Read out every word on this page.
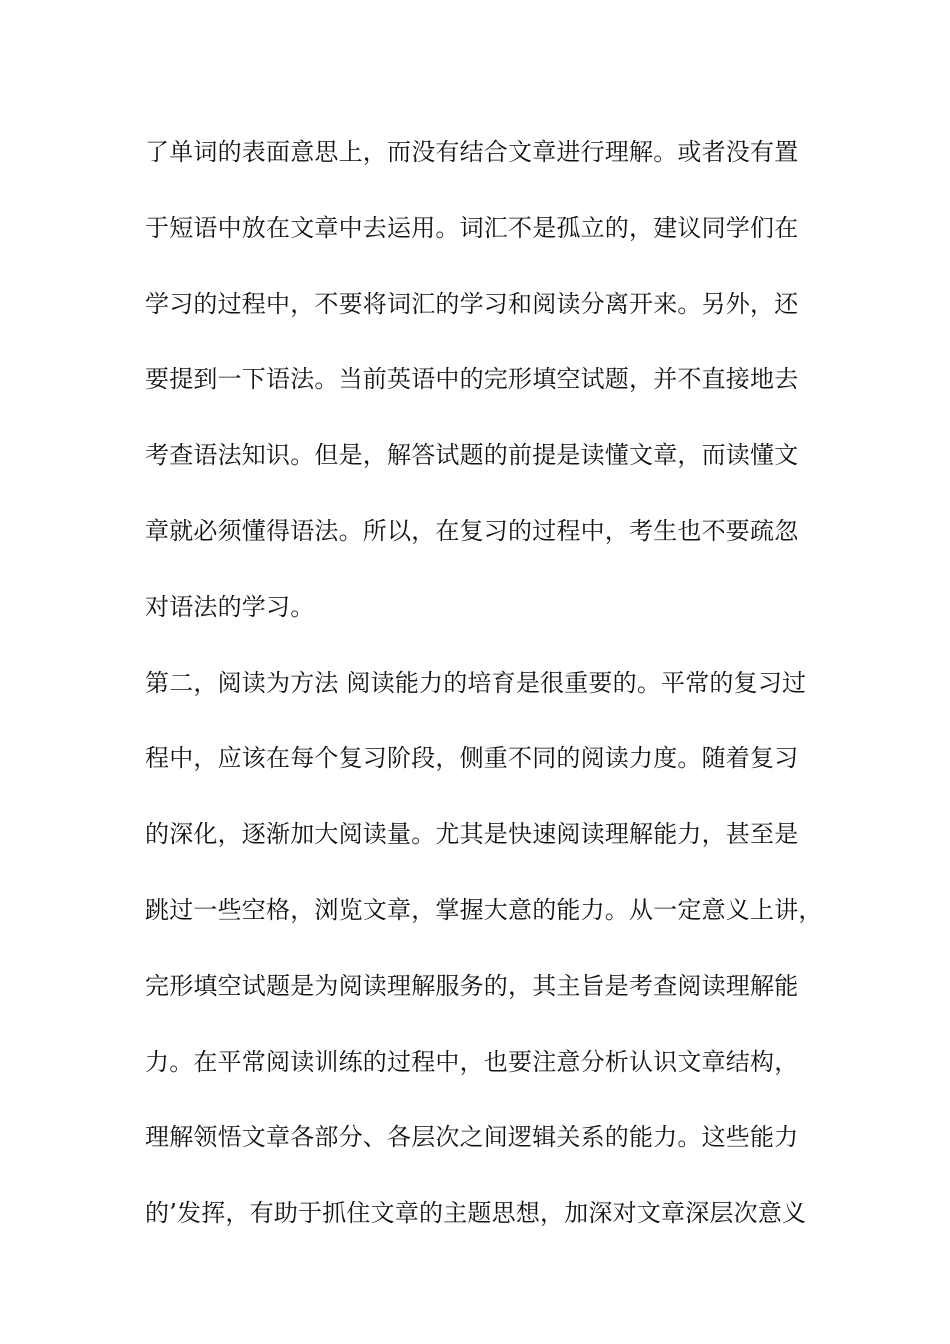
了单词的表面意思上，而没有结合文章进行理解。或者没有置
于短语中放在文章中去运用。词汇不是孤立的，建议同学们在
学习的过程中，不要将词汇的学习和阅读分离开来。另外，还
要提到一下语法。当前英语中的完形填空试题，并不直接地去
考查语法知识。但是，解答试题的前提是读懂文章，而读懂文
章就必须懂得语法。所以，在复习的过程中，考生也不要疏忽
对语法的学习。
第二，阅读为方法 阅读能力的培育是很重要的。平常的复习过
程中，应该在每个复习阶段，侧重不同的阅读力度。随着复习
的深化，逐渐加大阅读量。尤其是快速阅读理解能力，甚至是
跳过一些空格，浏览文章，掌握大意的能力。从一定意义上讲，
完形填空试题是为阅读理解服务的，其主旨是考查阅读理解能
力。在平常阅读训练的过程中，也要注意分析认识文章结构，
理解领悟文章各部分、各层次之间逻辑关系的能力。这些能力
的’发挥，有助于抓住文章的主题思想，加深对文章深层次意义
